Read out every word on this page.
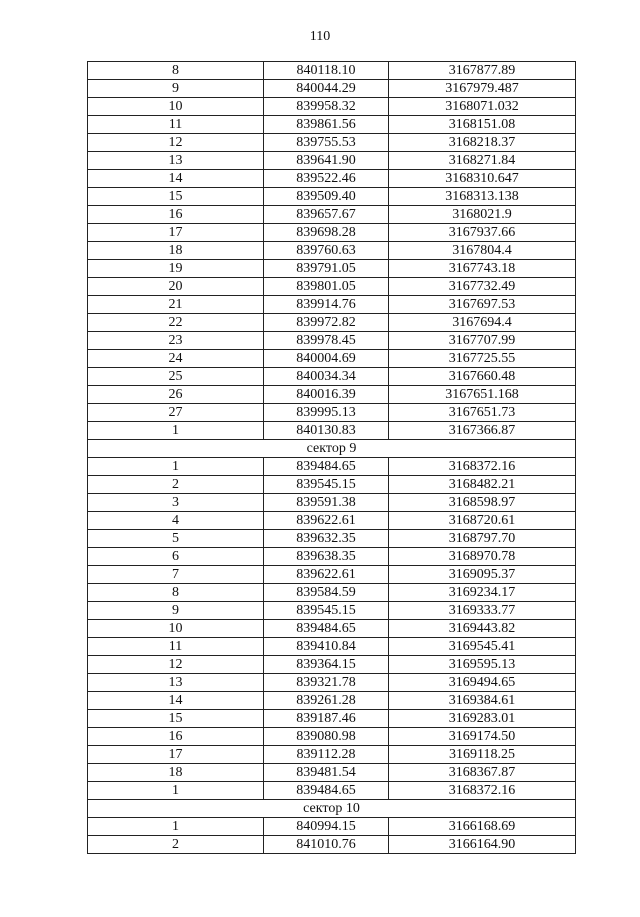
110
8	840118.10	3167877.89
9	840044.29	3167979.487
10	839958.32	3168071.032
11	839861.56	3168151.08
12	839755.53	3168218.37
13	839641.90	3168271.84
14	839522.46	3168310.647
15	839509.40	3168313.138
16	839657.67	3168021.9
17	839698.28	3167937.66
18	839760.63	3167804.4
19	839791.05	3167743.18
20	839801.05	3167732.49
21	839914.76	3167697.53
22	839972.82	3167694.4
23	839978.45	3167707.99
24	840004.69	3167725.55
25	840034.34	3167660.48
26	840016.39	3167651.168
27	839995.13	3167651.73
1	840130.83	3167366.87
сектор 9		
1	839484.65	3168372.16
2	839545.15	3168482.21
3	839591.38	3168598.97
4	839622.61	3168720.61
5	839632.35	3168797.70
6	839638.35	3168970.78
7	839622.61	3169095.37
8	839584.59	3169234.17
9	839545.15	3169333.77
10	839484.65	3169443.82
11	839410.84	3169545.41
12	839364.15	3169595.13
13	839321.78	3169494.65
14	839261.28	3169384.61
15	839187.46	3169283.01
16	839080.98	3169174.50
17	839112.28	3169118.25
18	839481.54	3168367.87
1	839484.65	3168372.16
сектор 10		
1	840994.15	3166168.69
2	841010.76	3166164.90
